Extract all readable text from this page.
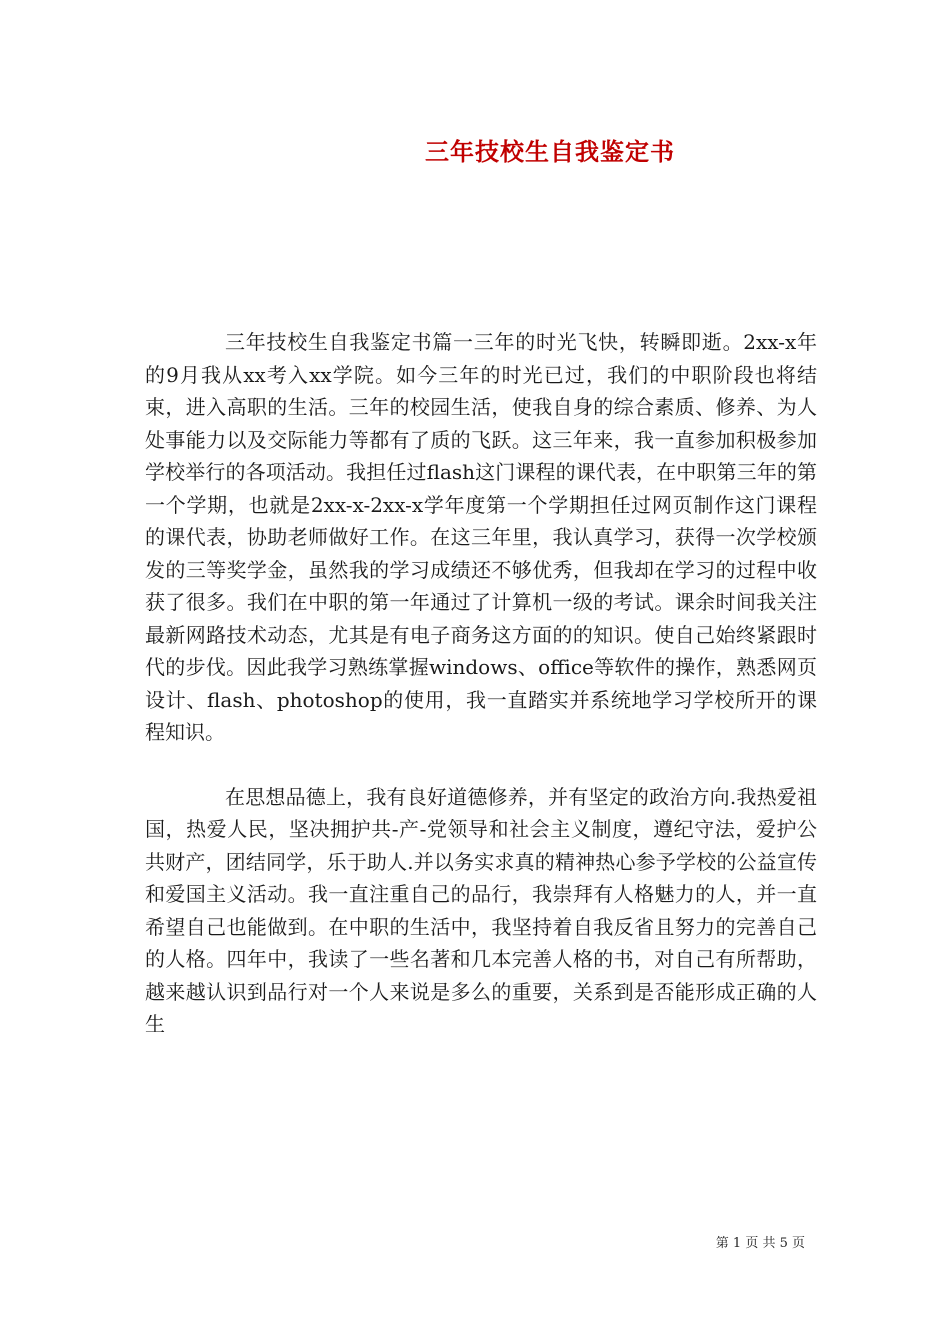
三年技校生自我鉴定书

三年技校生自我鉴定书篇一三年的时光飞快，转瞬即逝。2xx-x年的9月我从xx考入xx学院。如今三年的时光已过，我们的中职阶段也将结束，进入高职的生活。三年的校园生活，使我自身的综合素质、修养、为人处事能力以及交际能力等都有了质的飞跃。这三年来，我一直参加积极参加学校举行的各项活动。我担任过flash这门课程的课代表，在中职第三年的第一个学期，也就是2xx-x-2xx-x学年度第一个学期担任过网页制作这门课程的课代表，协助老师做好工作。在这三年里，我认真学习，获得一次学校颁发的三等奖学金，虽然我的学习成绩还不够优秀，但我却在学习的过程中收获了很多。我们在中职的第一年通过了计算机一级的考试。课余时间我关注最新网路技术动态，尤其是有电子商务这方面的的知识。使自己始终紧跟时代的步伐。因此我学习熟练掌握windows、office等软件的操作，熟悉网页设计、flash、photoshop的使用，我一直踏实并系统地学习学校所开的课程知识。

在思想品德上，我有良好道德修养，并有坚定的政治方向.我热爱祖国，热爱人民，坚决拥护共-产-党领导和社会主义制度，遵纪守法，爱护公共财产，团结同学，乐于助人.并以务实求真的精神热心参予学校的公益宣传和爱国主义活动。我一直注重自己的品行，我崇拜有人格魅力的人，并一直希望自己也能做到。在中职的生活中，我坚持着自我反省且努力的完善自己的人格。四年中，我读了一些名著和几本完善人格的书，对自己有所帮助，越来越认识到品行对一个人来说是多么的重要，关系到是否能形成正确的人生

第 1 页 共 5 页
